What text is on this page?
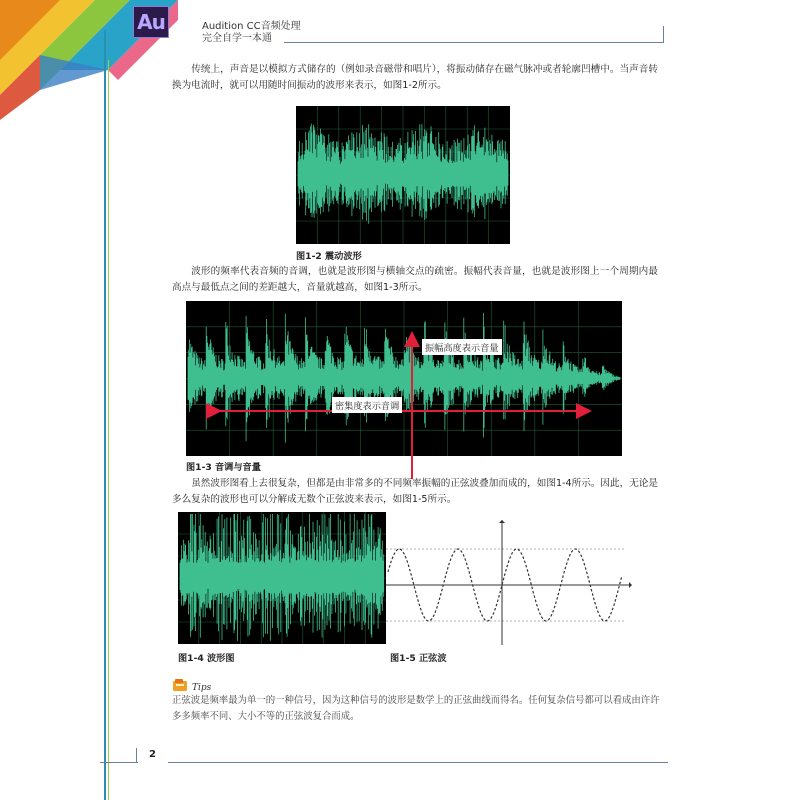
Au	Audition CC音频处理
完全自学一本通

传统上，声音是以模拟方式储存的（例如录音磁带和唱片），将振动储存在磁气脉冲或者轮廓凹槽中。当声音转换为电流时，就可以用随时间振动的波形来表示，如图1-2所示。

图1-2 震动波形

波形的频率代表音频的音调，也就是波形图与横轴交点的疏密。振幅代表音量，也就是波形图上一个周期内最高点与最低点之间的差距越大，音量就越高，如图1-3所示。

振幅高度表示音量
密集度表示音调
图1-3 音调与音量

虽然波形图看上去很复杂，但都是由非常多的不同频率振幅的正弦波叠加而成的，如图1-4所示。因此，无论是多么复杂的波形也可以分解成无数个正弦波来表示，如图1-5所示。

图1-4 波形图	图1-5 正弦波
Tips

正弦波是频率最为单一的一种信号，因为这种信号的波形是数学上的正弦曲线而得名。任何复杂信号都可以看成由许许多多频率不同、大小不等的正弦波复合而成。

2
